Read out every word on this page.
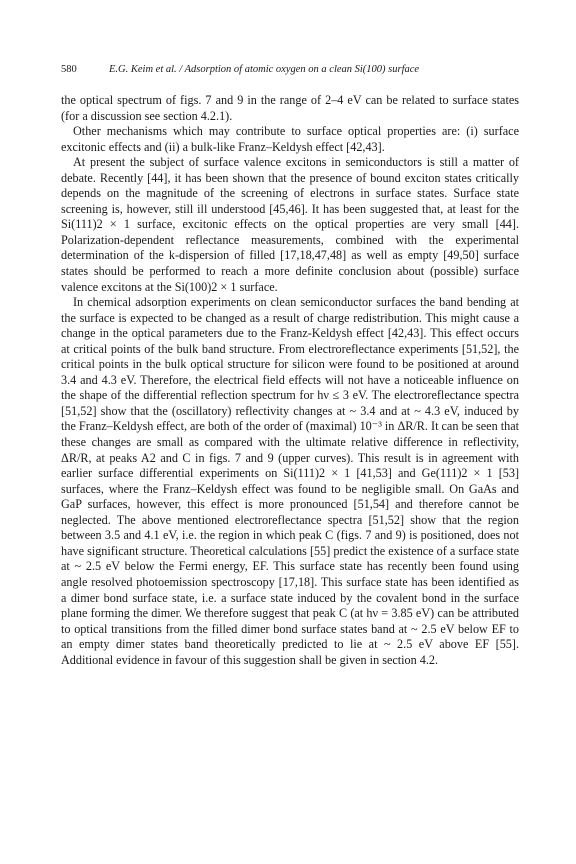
580	E.G. Keim et al. / Adsorption of atomic oxygen on a clean Si(100) surface

the optical spectrum of figs. 7 and 9 in the range of 2–4 eV can be related to surface states (for a discussion see section 4.2.1).

Other mechanisms which may contribute to surface optical properties are: (i) surface excitonic effects and (ii) a bulk-like Franz–Keldysh effect [42,43].

At present the subject of surface valence excitons in semiconductors is still a matter of debate. Recently [44], it has been shown that the presence of bound exciton states critically depends on the magnitude of the screening of electrons in surface states. Surface state screening is, however, still ill understood [45,46]. It has been suggested that, at least for the Si(111)2 × 1 surface, excitonic effects on the optical properties are very small [44]. Polarization-dependent reflectance measurements, combined with the experimental determination of the k-dispersion of filled [17,18,47,48] as well as empty [49,50] surface states should be performed to reach a more definite conclusion about (possible) surface valence excitons at the Si(100)2 × 1 surface.

In chemical adsorption experiments on clean semiconductor surfaces the band bending at the surface is expected to be changed as a result of charge redistribution. This might cause a change in the optical parameters due to the Franz-Keldysh effect [42,43]. This effect occurs at critical points of the bulk band structure. From electroreflectance experiments [51,52], the critical points in the bulk optical structure for silicon were found to be positioned at around 3.4 and 4.3 eV. Therefore, the electrical field effects will not have a noticeable influence on the shape of the differential reflection spectrum for hν ≤ 3 eV. The electroreflectance spectra [51,52] show that the (oscillatory) reflectivity changes at ~ 3.4 and at ~ 4.3 eV, induced by the Franz–Keldysh effect, are both of the order of (maximal) 10⁻³ in ΔR/R. It can be seen that these changes are small as compared with the ultimate relative difference in reflectivity, ΔR/R, at peaks A2 and C in figs. 7 and 9 (upper curves). This result is in agreement with earlier surface differential experiments on Si(111)2 × 1 [41,53] and Ge(111)2 × 1 [53] surfaces, where the Franz–Keldysh effect was found to be negligible small. On GaAs and GaP surfaces, however, this effect is more pronounced [51,54] and therefore cannot be neglected. The above mentioned electroreflectance spectra [51,52] show that the region between 3.5 and 4.1 eV, i.e. the region in which peak C (figs. 7 and 9) is positioned, does not have significant structure. Theoretical calculations [55] predict the existence of a surface state at ~ 2.5 eV below the Fermi energy, EF. This surface state has recently been found using angle resolved photoemission spectroscopy [17,18]. This surface state has been identified as a dimer bond surface state, i.e. a surface state induced by the covalent bond in the surface plane forming the dimer. We therefore suggest that peak C (at hν = 3.85 eV) can be attributed to optical transitions from the filled dimer bond surface states band at ~ 2.5 eV below EF to an empty dimer states band theoretically predicted to lie at ~ 2.5 eV above EF [55]. Additional evidence in favour of this suggestion shall be given in section 4.2.
